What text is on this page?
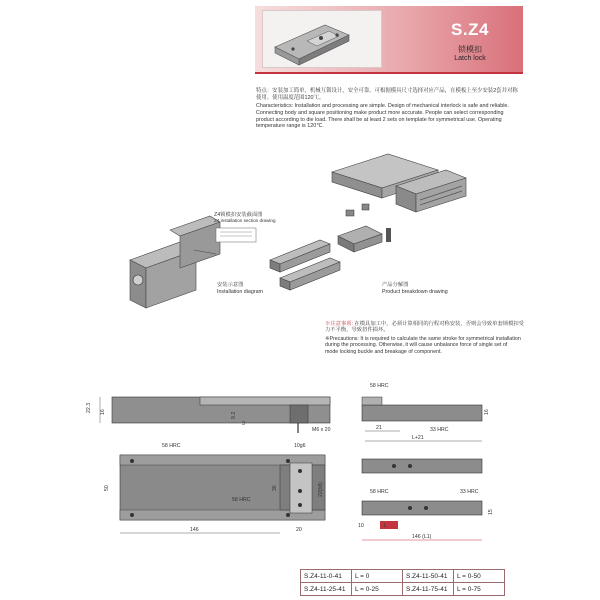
S.Z4
锁模扣
Latch lock
特点：安装加工简单，机械互锁设计，安全可靠。可根据模具尺寸选择对应产品，在模板上至少安装2套并对称使用。使用温度范围120℃。
Characteristics: Installation and processing are simple. Design of mechanical interlock is safe and reliable. Connecting body and square positioning make product more accurate. People can select corresponding product according to die load. There shall be at least 2 sets on template for symmetrical use. Operating temperature range is 120℃.
Z4锁模扣安装截面图
Z4 installation section drawing
安装示意图
Installation diagram
产品分解图
Product breakdown drawing
※注意事项: 在模具加工中，必须计算相同的行程对称安装，否则会导致单套锁模扣受力不平衡，导致扭件损坏。
※Precautions: It is required to calculate the same stroke for symmetrical installation during the processing. Otherwise, it will cause unbalance force of single set of mode locking buckle and breakage of component.
22.3 16	9.2
3
M6 x 20	21
L+21
16
58 HRC
33 HRC
50	36
146	20
10g6
22(h8)
58 HRC
58 HRC
L
10
15
146 (L1)
58 HRC	33 HRC
S.Z4-11-0-41	L = 0	S.Z4-11-50-41	L = 0-50
S.Z4-11-25-41	L = 0-25	S.Z4-11-75-41	L = 0-75
